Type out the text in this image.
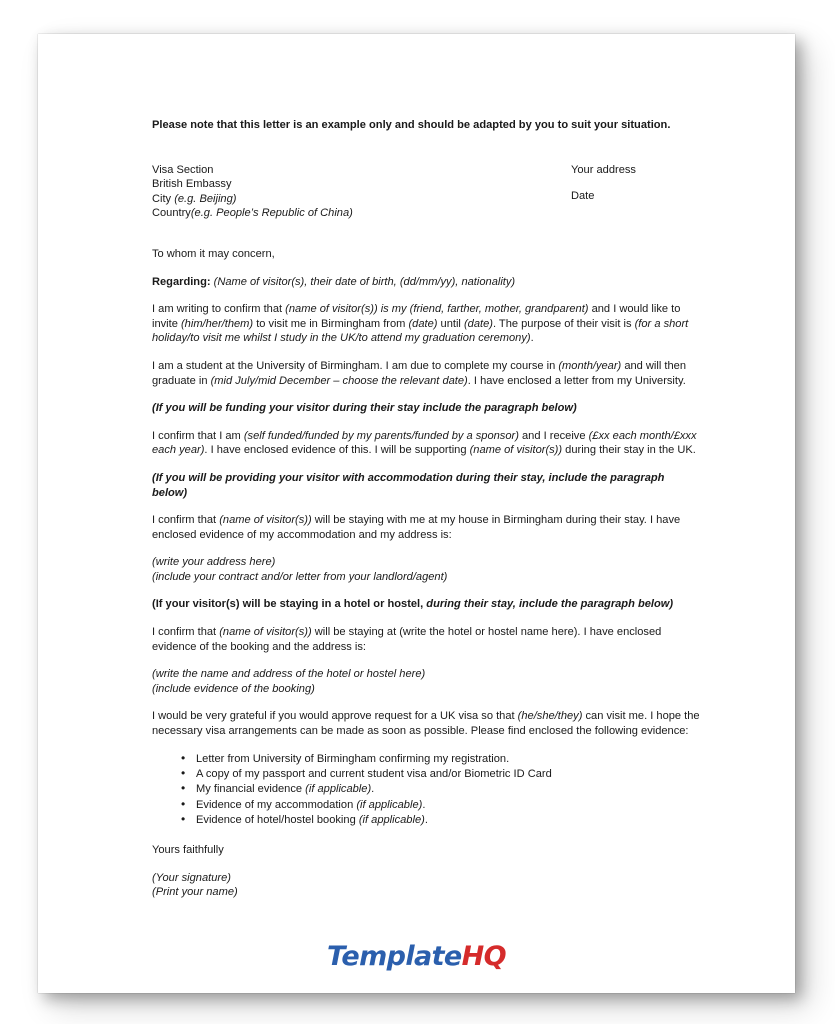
Please note that this letter is an example only and should be adapted by you to suit your situation.

Visa Section
British Embassy
City (e.g. Beijing)
Country(e.g. People’s Republic of China)
Your address
Date

To whom it may concern,

Regarding: (Name of visitor(s), their date of birth, (dd/mm/yy), nationality)

I am writing to confirm that (name of visitor(s)) is my (friend, farther, mother, grandparent) and I would like to invite (him/her/them) to visit me in Birmingham from (date) until (date). The purpose of their visit is (for a short holiday/to visit me whilst I study in the UK/to attend my graduation ceremony).

I am a student at the University of Birmingham. I am due to complete my course in (month/year) and will then graduate in (mid July/mid December – choose the relevant date). I have enclosed a letter from my University.

(If you will be funding your visitor during their stay include the paragraph below)

I confirm that I am (self funded/funded by my parents/funded by a sponsor) and I receive (£xx each month/£xxx each year). I have enclosed evidence of this. I will be supporting (name of visitor(s)) during their stay in the UK.

(If you will be providing your visitor with accommodation during their stay, include the paragraph below)

I confirm that (name of visitor(s)) will be staying with me at my house in Birmingham during their stay. I have enclosed evidence of my accommodation and my address is:

(write your address here)
(include your contract and/or letter from your landlord/agent)

(If your visitor(s) will be staying in a hotel or hostel, during their stay, include the paragraph below)

I confirm that (name of visitor(s)) will be staying at (write the hotel or hostel name here). I have enclosed evidence of the booking and the address is:

(write the name and address of the hotel or hostel here)
(include evidence of the booking)

I would be very grateful if you would approve request for a UK visa so that (he/she/they) can visit me. I hope the necessary visa arrangements can be made as soon as possible. Please find enclosed the following evidence:

• Letter from University of Birmingham confirming my registration.
• A copy of my passport and current student visa and/or Biometric ID Card
• My financial evidence (if applicable).
• Evidence of my accommodation (if applicable).
• Evidence of hotel/hostel booking (if applicable).

Yours faithfully

(Your signature)
(Print your name)
TemplateHQ
